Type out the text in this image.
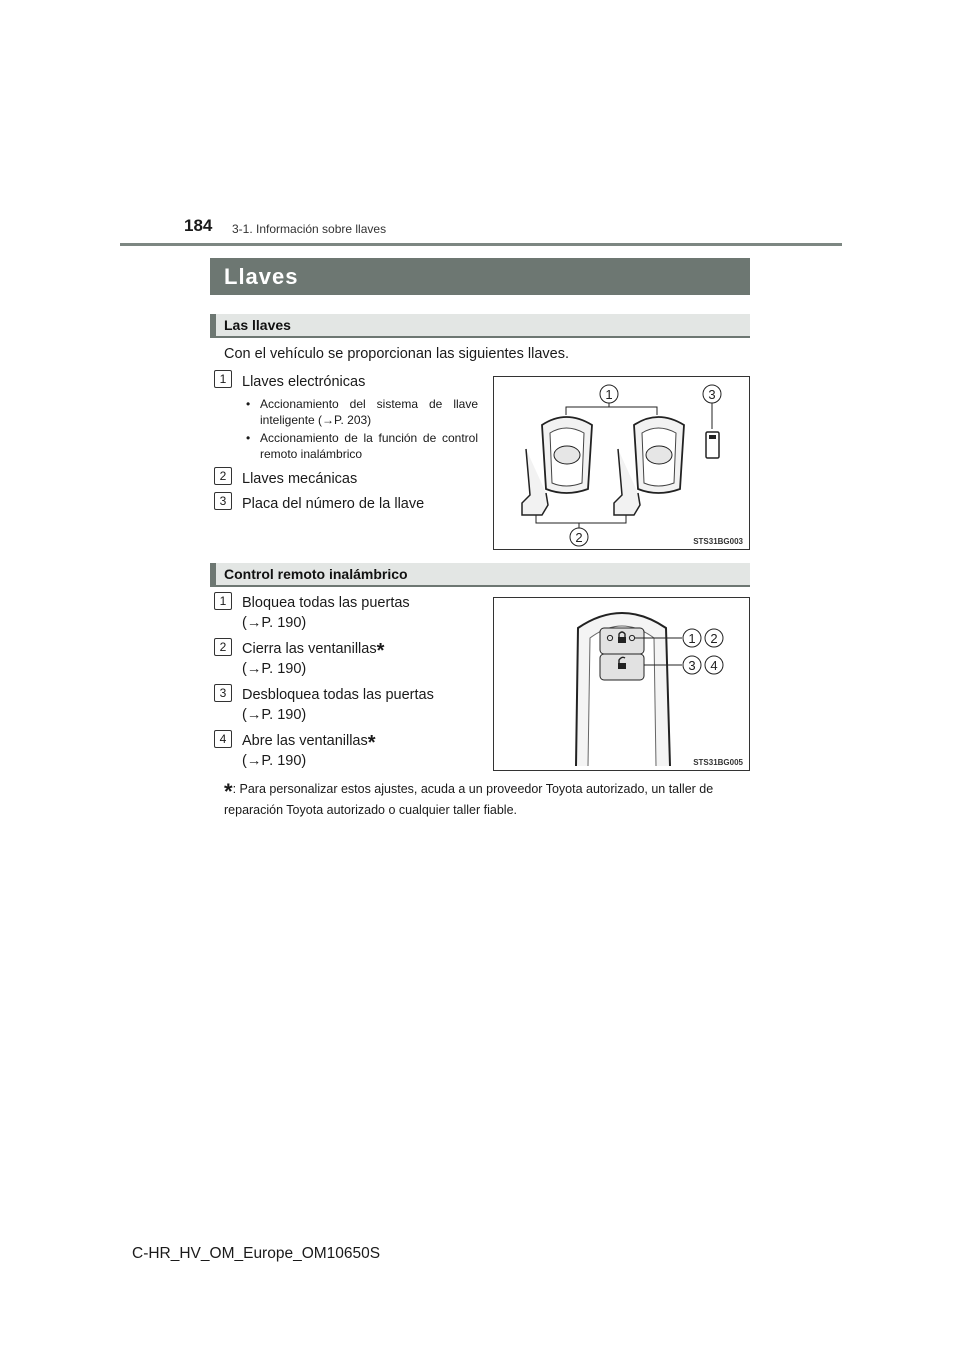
184 3-1. Información sobre llaves
Llaves
Las llaves
Con el vehículo se proporcionan las siguientes llaves.
1	Llaves electrónicas
• Accionamiento del sistema de llave inteligente (→P. 203)
• Accionamiento de la función de control remoto inalámbrico
2	Llaves mecánicas
3	Placa del número de la llave
1	3
2	STS31BG003
Control remoto inalámbrico
1	Bloquea todas las puertas
(→P. 190)
2	Cierra las ventanillas*
(→P. 190)
3	Desbloquea todas las puertas
(→P. 190)
4	Abre las ventanillas*
(→P. 190)
1 2
3 4
STS31BG005
*: Para personalizar estos ajustes, acuda a un proveedor Toyota autorizado, un taller de reparación Toyota autorizado o cualquier taller fiable.
C-HR_HV_OM_Europe_OM10650S
